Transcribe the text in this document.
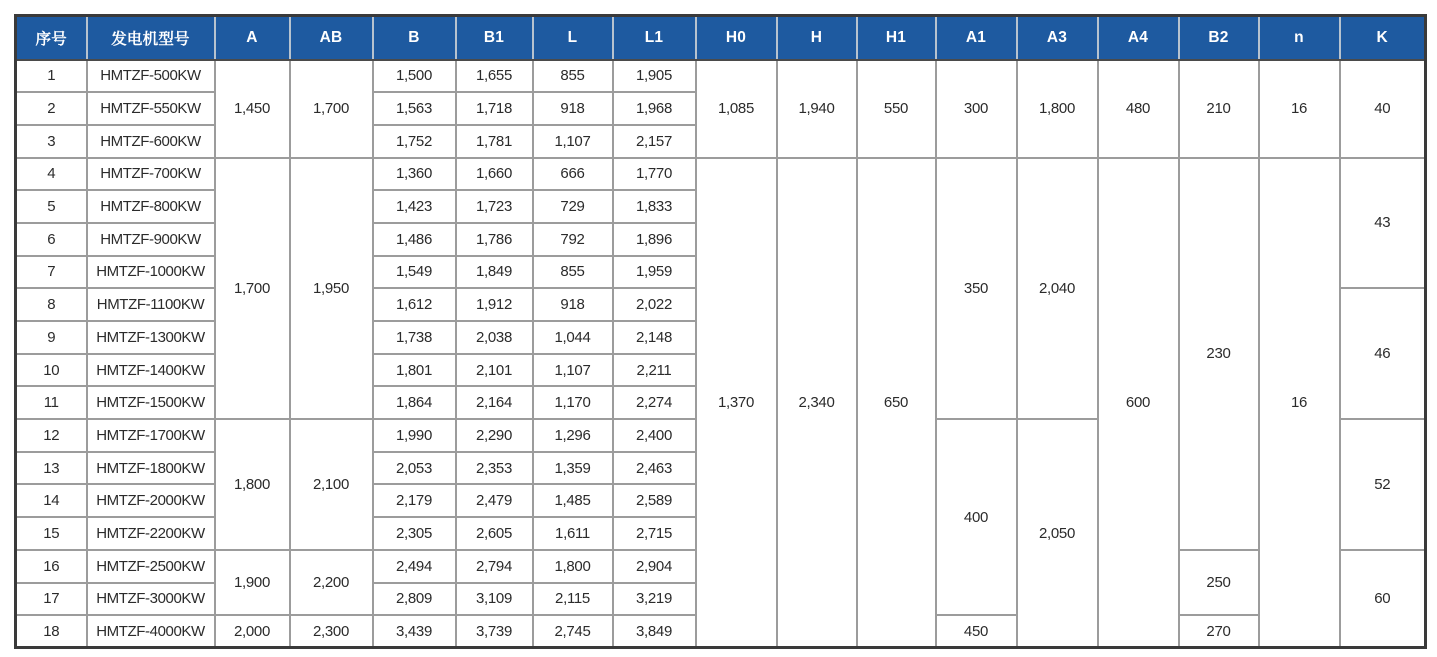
序号	发电机型号	A	AB	B	B1	L	L1	H0	H	H1	A1	A3	A4	B2	n	K
1	HMTZF-500KW	1,450	1,700	1,500	1,655	855	1,905	1,085	1,940	550	300	1,800	480	210	16	40
2	HMTZF-550KW			1,563	1,718	918	1,968									
3	HMTZF-600KW			1,752	1,781	1,107	2,157									
4	HMTZF-700KW	1,700	1,950	1,360	1,660	666	1,770	1,370	2,340	650	350	2,040	600	230	16	43
5	HMTZF-800KW			1,423	1,723	729	1,833									
6	HMTZF-900KW			1,486	1,786	792	1,896									
7	HMTZF-1000KW			1,549	1,849	855	1,959									
8	HMTZF-1100KW			1,612	1,912	918	2,022									46
9	HMTZF-1300KW			1,738	2,038	1,044	2,148									
10	HMTZF-1400KW			1,801	2,101	1,107	2,211									
11	HMTZF-1500KW			1,864	2,164	1,170	2,274									
12	HMTZF-1700KW	1,800	2,100	1,990	2,290	1,296	2,400				400	2,050				52
13	HMTZF-1800KW			2,053	2,353	1,359	2,463									
14	HMTZF-2000KW			2,179	2,479	1,485	2,589									
15	HMTZF-2200KW			2,305	2,605	1,611	2,715									
16	HMTZF-2500KW	1,900	2,200	2,494	2,794	1,800	2,904							250		60
17	HMTZF-3000KW			2,809	3,109	2,115	3,219									
18	HMTZF-4000KW	2,000	2,300	3,439	3,739	2,745	3,849				450			270		
